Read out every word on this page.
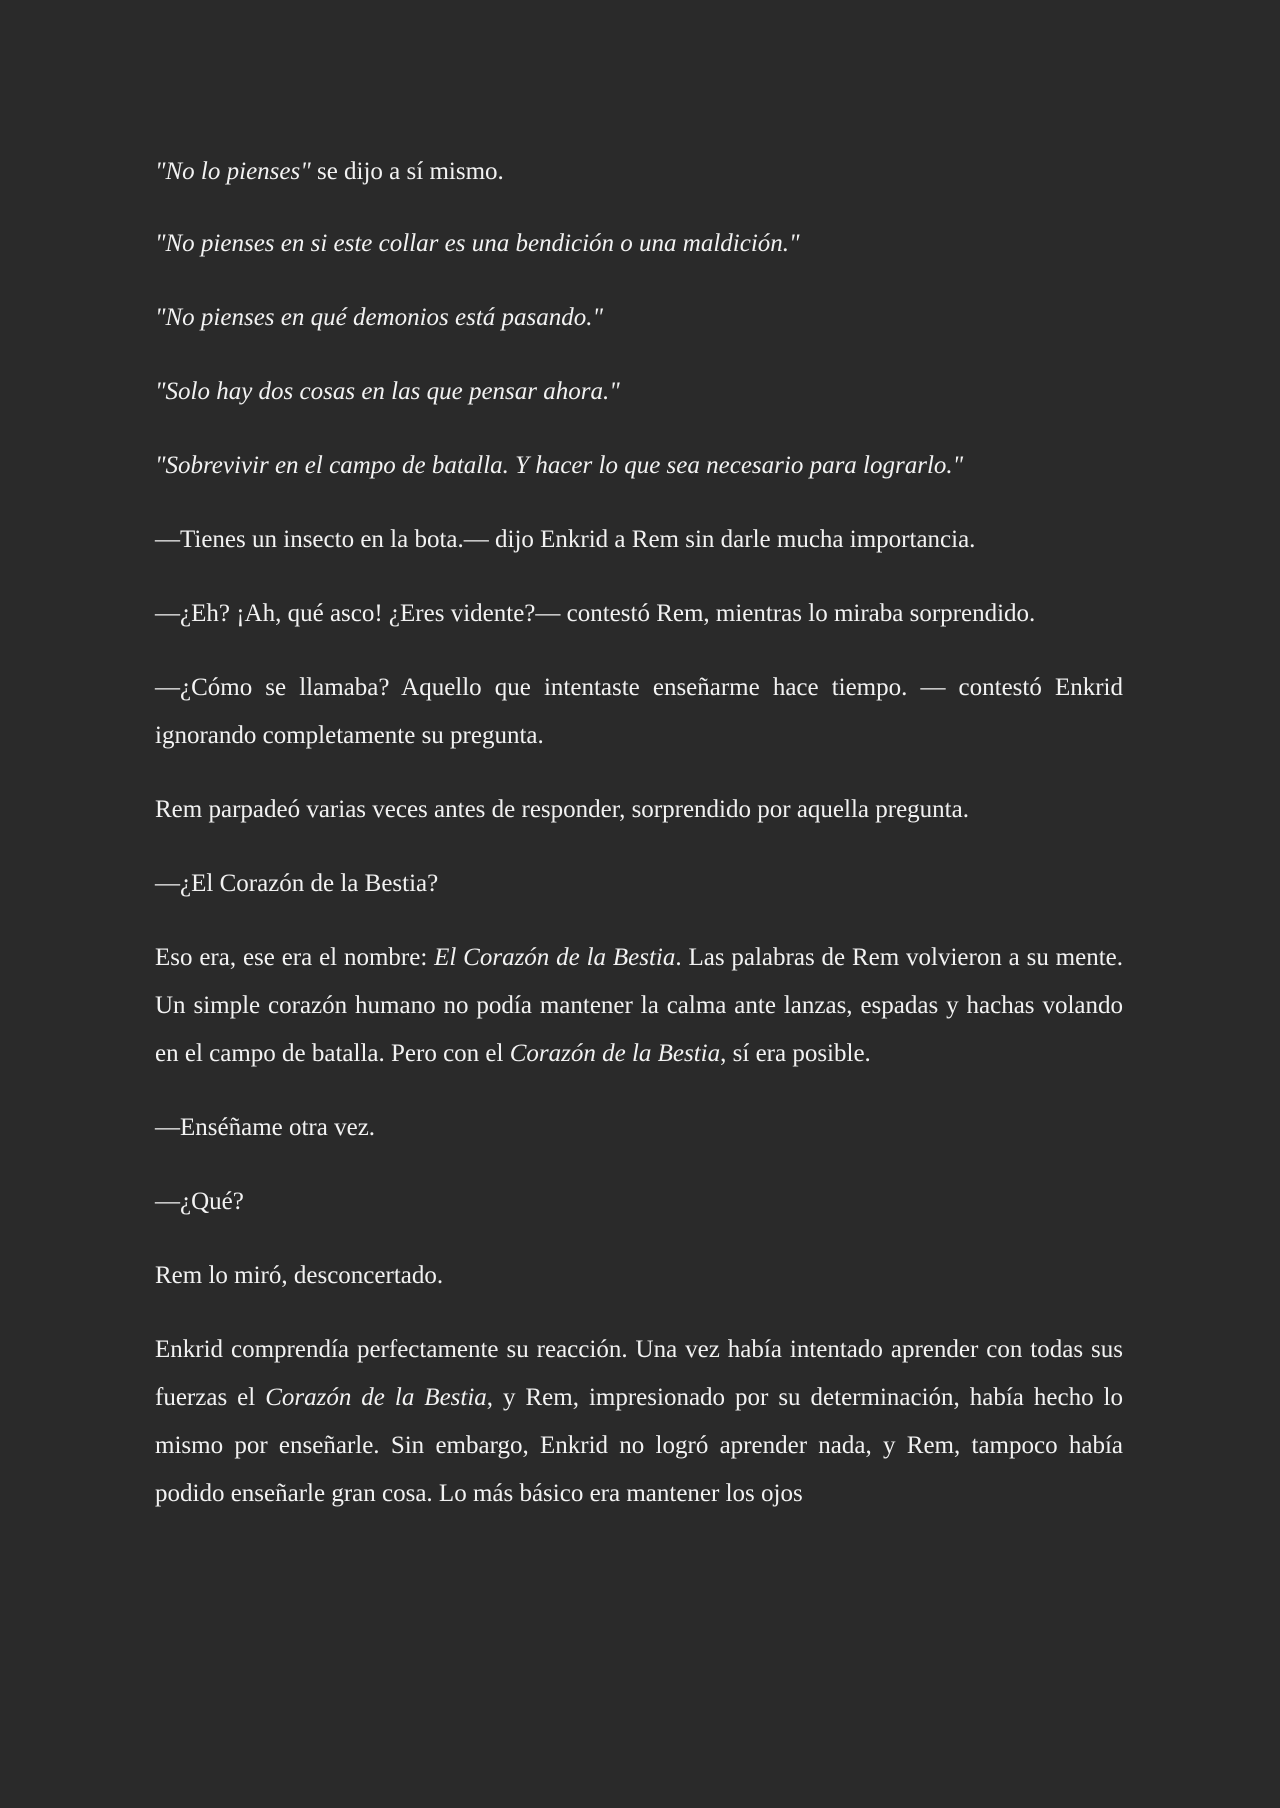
"No lo pienses" se dijo a sí mismo.

"No pienses en si este collar es una bendición o una maldición."

"No pienses en qué demonios está pasando."

"Solo hay dos cosas en las que pensar ahora."

"Sobrevivir en el campo de batalla. Y hacer lo que sea necesario para lograrlo."

—Tienes un insecto en la bota.— dijo Enkrid a Rem sin darle mucha importancia.

—¿Eh? ¡Ah, qué asco! ¿Eres vidente?— contestó Rem, mientras lo miraba sorprendido.

—¿Cómo se llamaba? Aquello que intentaste enseñarme hace tiempo. — contestó Enkrid ignorando completamente su pregunta.

Rem parpadeó varias veces antes de responder, sorprendido por aquella pregunta.

—¿El Corazón de la Bestia?

Eso era, ese era el nombre: El Corazón de la Bestia. Las palabras de Rem volvieron a su mente. Un simple corazón humano no podía mantener la calma ante lanzas, espadas y hachas volando en el campo de batalla. Pero con el Corazón de la Bestia, sí era posible.

—Enséñame otra vez.

—¿Qué?

Rem lo miró, desconcertado.

Enkrid comprendía perfectamente su reacción. Una vez había intentado aprender con todas sus fuerzas el Corazón de la Bestia, y Rem, impresionado por su determinación, había hecho lo mismo por enseñarle. Sin embargo, Enkrid no logró aprender nada, y Rem, tampoco había podido enseñarle gran cosa. Lo más básico era mantener los ojos
